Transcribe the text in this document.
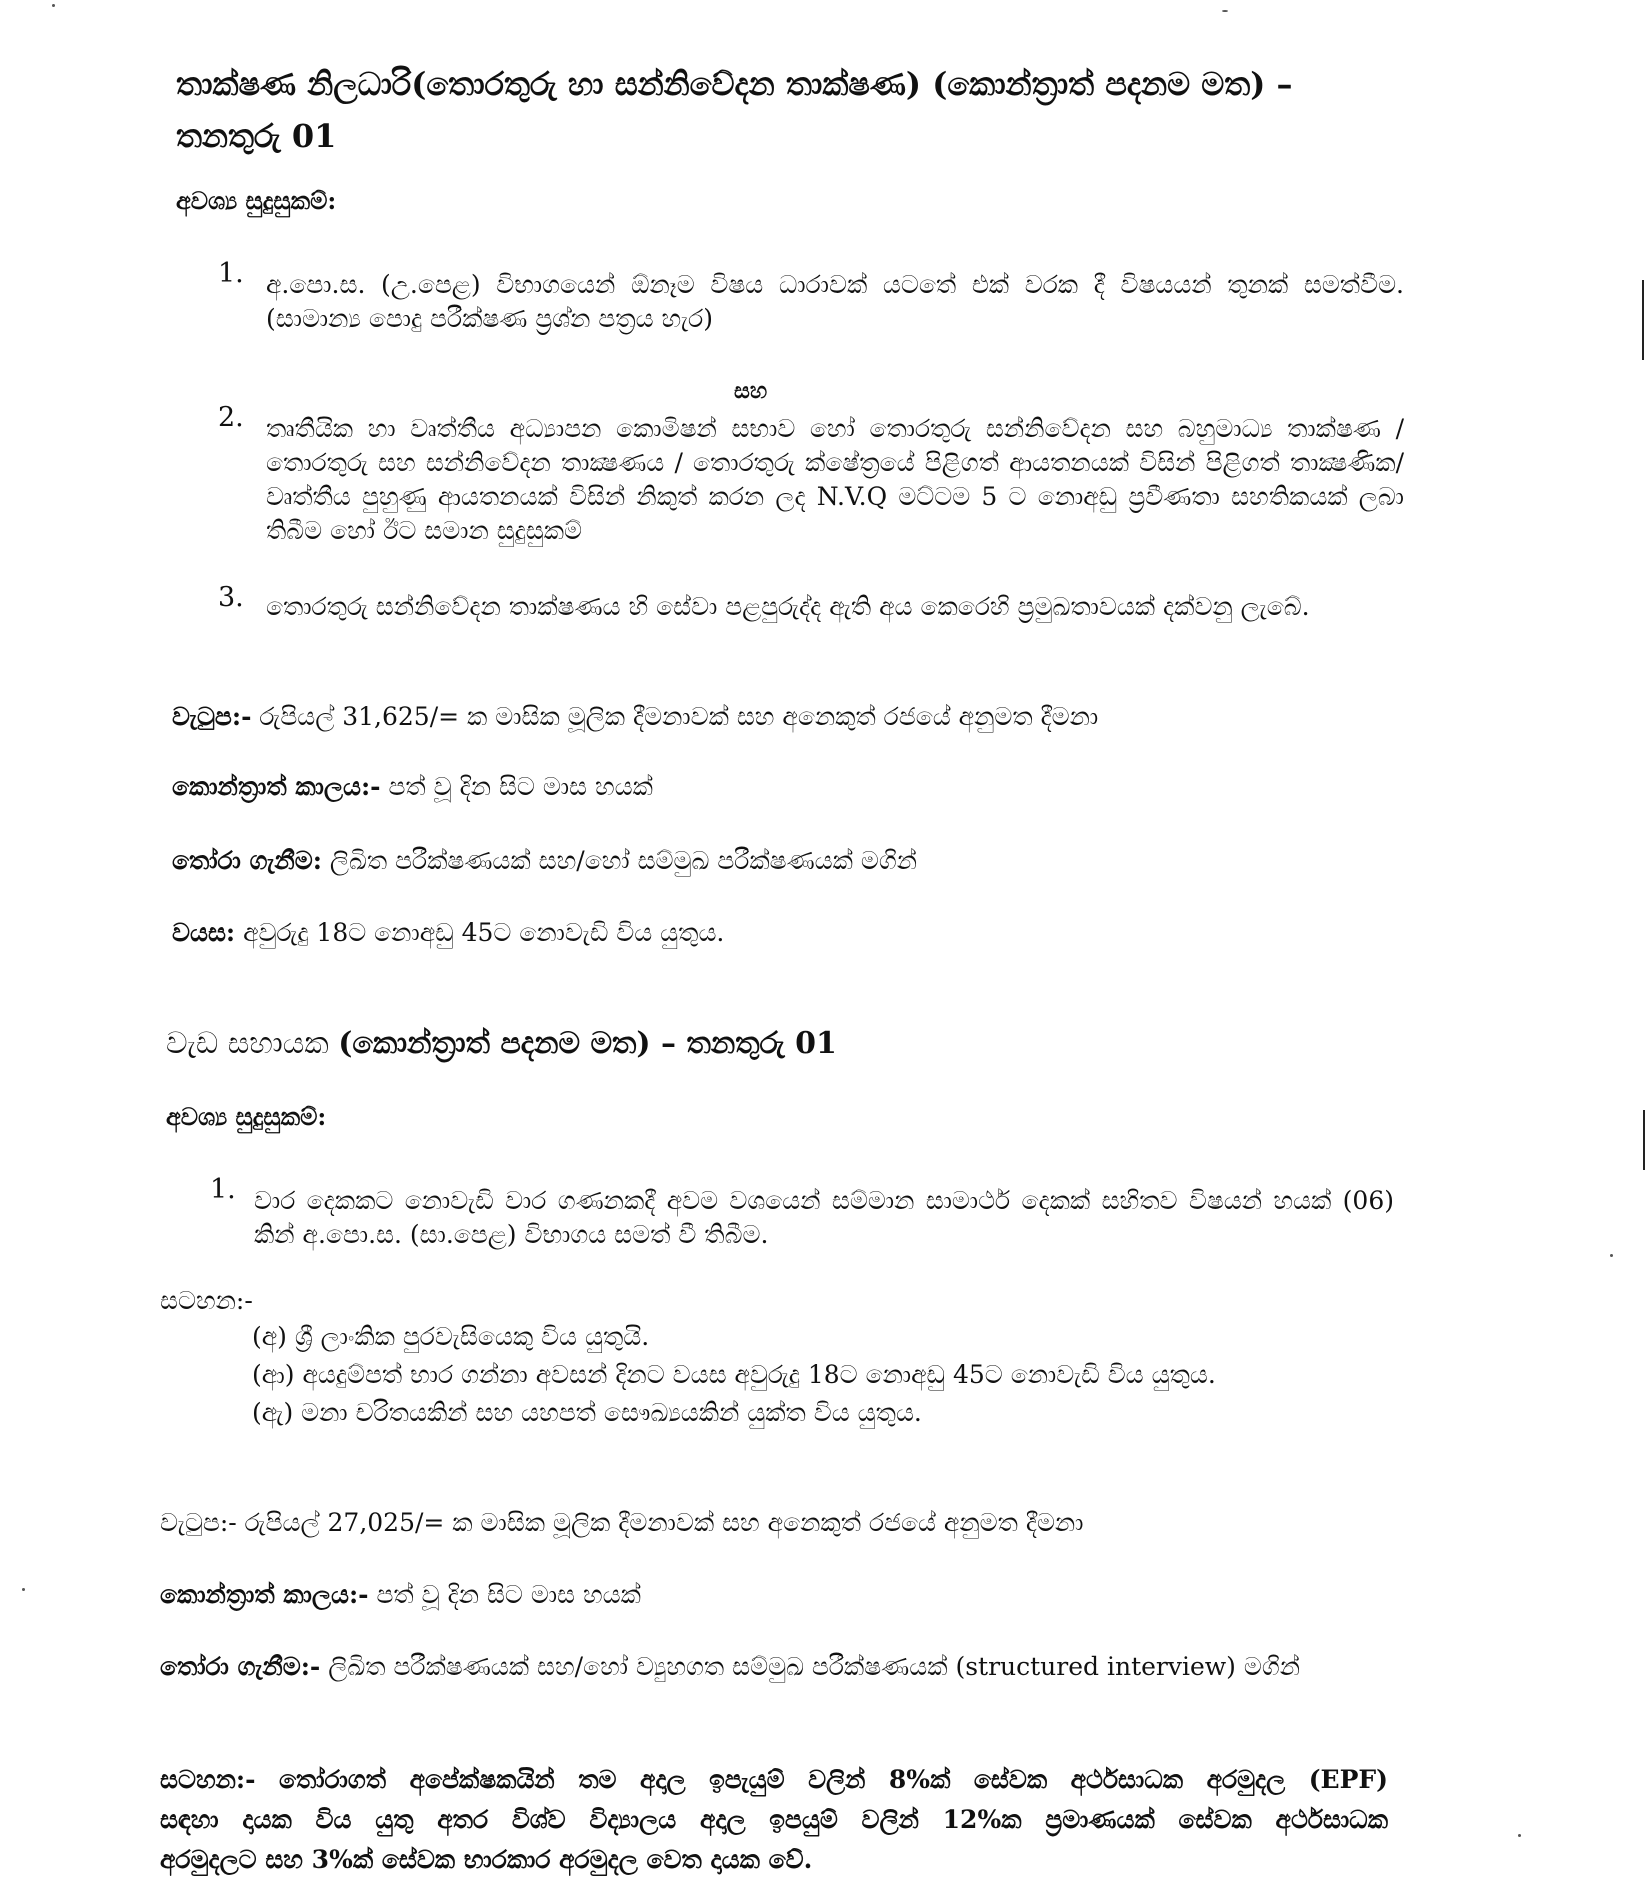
තාක්ෂණ නිලධාරි(තොරතුරු හා සන්නිවේදන තාක්ෂණ) (කොන්ත්‍රාත් පදනම මත) –
තනතුරු 01
අවශ්‍ය සුදුසුකම්:
1. අ.පො.ස. (උ.පෙළ) විභාගයෙන් ඕනෑම විෂය ධාරාවක් යටතේ එක් වරක දී විෂයයන් තුනක් සමත්වීම. (සාමාන්‍ය පොදු පරීක්ෂණ ප්‍රශ්න පත්‍රය හැර)
සහ
2. තෘතීයික හා වෘත්තීය අධ්‍යාපන කොමිෂන් සභාව හෝ තොරතුරු සන්නිවේදන සහ බහුමාධ්‍ය තාක්ෂණ / තොරතුරු සහ සන්නිවේදන තාක්‍ෂණය / තොරතුරු ක්ෂේත්‍රයේ පිළිගත් ආයතනයක් විසින් පිළිගත් තාක්‍ෂණික/වෘත්තීය පුහුණු ආයතනයක් විසින් නිකුත් කරන ලද N.V.Q මට්ටම 5 ට නොඅඩු ප්‍රවීණතා සහතිකයක් ලබා තිබීම හෝ ඊට සමාන සුදුසුකම්
3. තොරතුරු සන්නිවේදන තාක්ෂණය හි සේවා පළපුරුද්ද ඇති අය කෙරෙහි ප්‍රමුඛතාවයක් දක්වනු ලැබේ.
වැටුප:- රුපියල් 31,625/= ක මාසික මූලික දීමනාවක් සහ අනෙකුත් රජයේ අනුමත දීමනා
කොන්ත්‍රාත් කාලය:- පත් වූ දින සිට මාස හයක්
තෝරා ගැනීම: ලිඛිත පරීක්ෂණයක් සහ/හෝ සම්මුඛ පරීක්ෂණයක් මගින්
වයස: අවුරුදු 18ට නොඅඩු 45ට නොවැඩි විය යුතුය.
වැඩ සහායක (කොන්ත්‍රාත් පදනම මත) – තනතුරු 01
අවශ්‍ය සුදුසුකම්:
1. වාර දෙකකට නොවැඩි වාර ගණනකදී අවම වශයෙන් සම්මාන සාමාර්ථ දෙකක් සහිතව විෂයන් හයක් (06) කින් අ.පො.ස. (සා.පෙළ) විභාගය සමත් වී තිබීම.
සටහන:-
(අ) ශ්‍රී ලාංකික පුරවැසියෙකු විය යුතුයි.
(ආ) අයදුම්පත් භාර ගන්නා අවසන් දිනට වයස අවුරුදු 18ට නොඅඩු 45ට නොවැඩි විය යුතුය.
(ඇ) මනා චරිතයකින් සහ යහපත් සෞඛ්‍යයකින් යුක්ත විය යුතුය.
වැටුප:- රුපියල් 27,025/= ක මාසික මූලික දීමනාවක් සහ අනෙකුත් රජයේ අනුමත දීමනා
කොන්ත්‍රාත් කාලය:- පත් වූ දින සිට මාස හයක්
තෝරා ගැනීම:- ලිඛිත පරීක්ෂණයක් සහ/හෝ ව්‍යුහගත සම්මුඛ පරීක්ෂණයක් (structured interview) මගින්
සටහන:- තෝරාගත් අපේක්ෂකයින් තම අදාල ඉපැයුම් වලින් 8%ක් සේවක අර්ථසාධක අරමුදල (EPF)
සඳහා දායක විය යුතු අතර විශ්ව විද්‍යාලය අදාල ඉපයුම් වලින් 12%ක ප්‍රමාණයක් සේවක අර්ථසාධක
අරමුදලට සහ 3%ක් සේවක භාරකාර අරමුදල වෙත දායක වේ.
